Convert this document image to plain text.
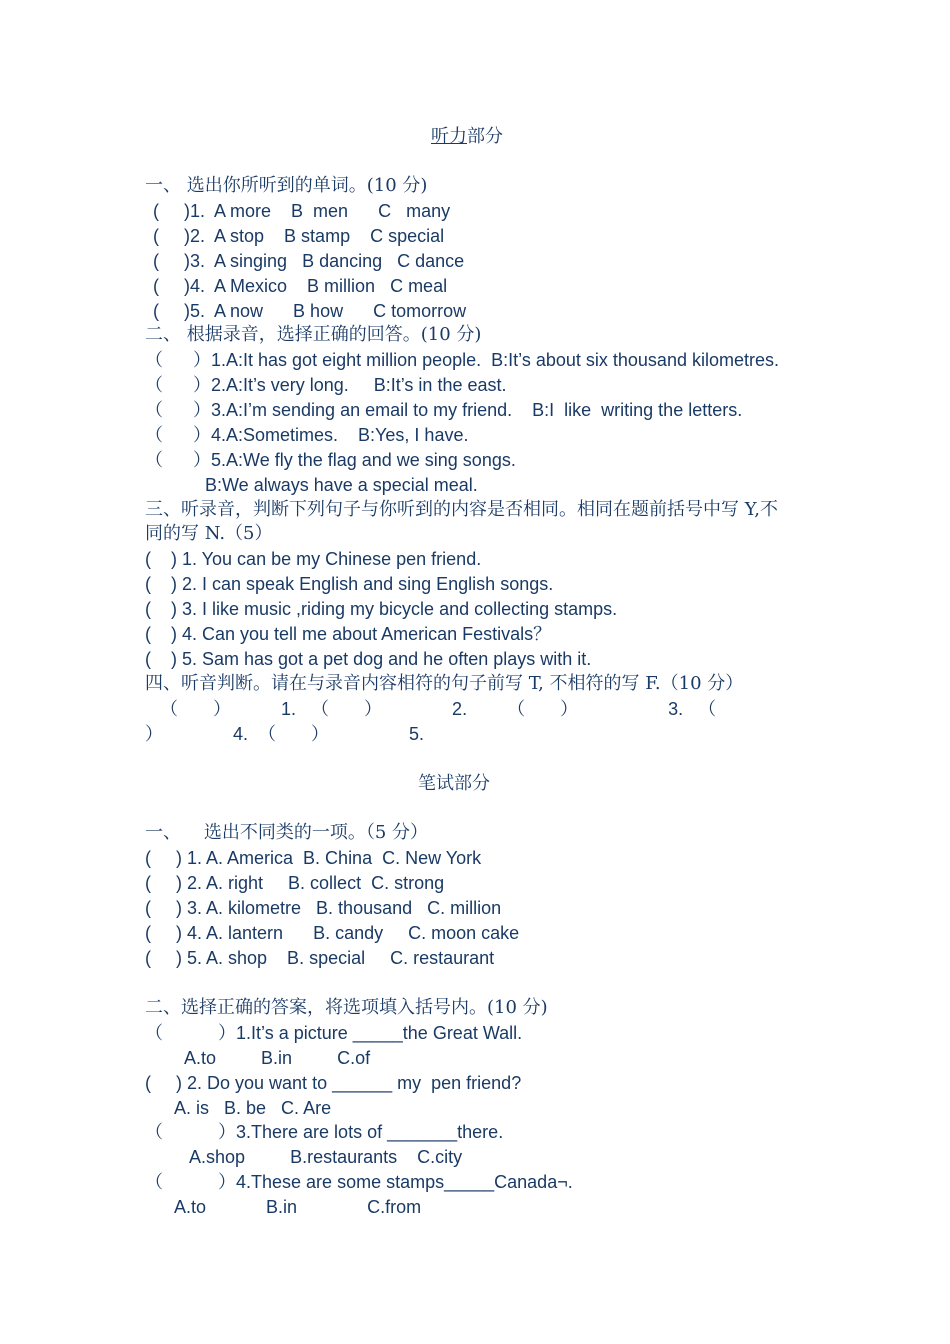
听力部分
一、 选出你所听到的单词。(10 分)
(     )1.  A more    B  men      C   many
(     )2.  A stop    B stamp    C special
(     )3.  A singing   B dancing   C dance
(     )4.  A Mexico    B million   C meal
(     )5.  A now      B how      C tomorrow
二、 根据录音，选择正确的回答。(10 分)
（      ）1.A:It has got eight million people.  B:It’s about six thousand kilometres.
（      ）2.A:It’s very long.     B:It’s in the east.
（      ）3.A:I’m sending an email to my friend.    B:I  like  writing the letters.
（      ）4.A:Sometimes.    B:Yes, I have.
（      ）5.A:We fly the flag and we sing songs.
B:We always have a special meal.
三、听录音，判断下列句子与你听到的内容是否相同。相同在题前括号中写 Y,不
同的写 N.（5）
(    ) 1. You can be my Chinese pen friend.
(    ) 2. I can speak English and sing English songs.
(    ) 3. I like music ,riding my bicycle and collecting stamps.
(    ) 4. Can you tell me about American Festivals？
(    ) 5. Sam has got a pet dog and he often plays with it.
四、听音判断。请在与录音内容相符的句子前写 T, 不相符的写 F.（10 分）
（       ）          1.   （       ）              2.        （       ）                  3.   （
）              4.  （       ）                5.
笔试部分
一、    选出不同类的一项。（5 分）
(     ) 1. A. America  B. China  C. New York
(     ) 2. A. right     B. collect  C. strong
(     ) 3. A. kilometre   B. thousand   C. million
(     ) 4. A. lantern      B. candy     C. moon cake
(     ) 5. A. shop    B. special     C. restaurant
二、选择正确的答案，将选项填入括号内。(10 分)
（           ）1.It’s a picture _____the Great Wall.
A.to         B.in         C.of
(     ) 2. Do you want to ______ my  pen friend?
A. is   B. be   C. Are
（           ）3.There are lots of _______there.
A.shop         B.restaurants    C.city
（           ）4.These are some stamps_____Canada¬.
A.to            B.in              C.from
